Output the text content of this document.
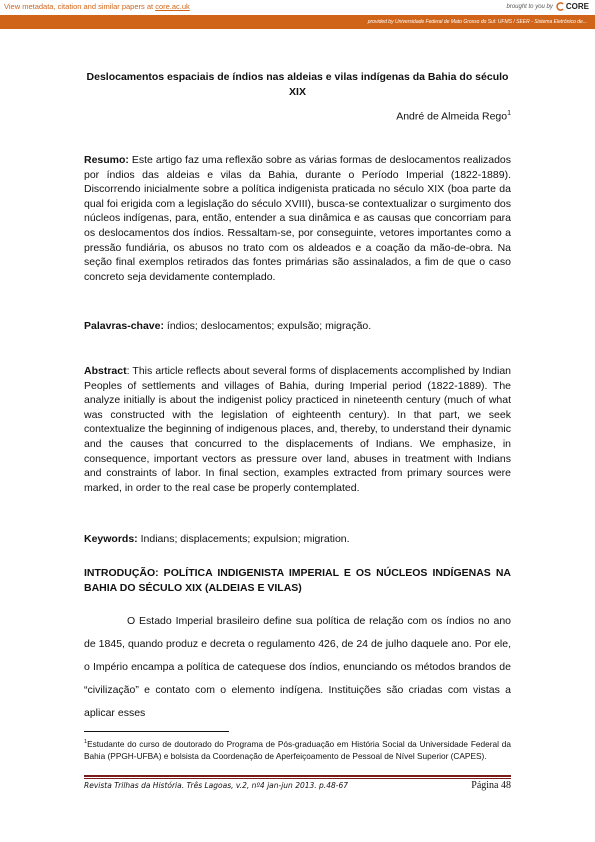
View metadata, citation and similar papers at core.ac.uk	brought to you by CORE
provided by Universidade Federal de Mato Grosso do Sul: UFMS / SEER - Sistema Eletrônico de...
Deslocamentos espaciais de índios nas aldeias e vilas indígenas da Bahia do século XIX
André de Almeida Rego$^1$
Resumo: Este artigo faz uma reflexão sobre as várias formas de deslocamentos realizados por índios das aldeias e vilas da Bahia, durante o Período Imperial (1822-1889). Discorrendo inicialmente sobre a política indigenista praticada no século XIX (boa parte da qual foi erigida com a legislação do século XVIII), busca-se contextualizar o surgimento dos núcleos indígenas, para, então, entender a sua dinâmica e as causas que concorriam para os deslocamentos dos índios. Ressaltam-se, por conseguinte, vetores importantes como a pressão fundiária, os abusos no trato com os aldeados e a coação da mão-de-obra. Na seção final exemplos retirados das fontes primárias são assinalados, a fim de que o caso concreto seja devidamente contemplado.
Palavras-chave: índios; deslocamentos; expulsão; migração.
Abstract: This article reflects about several forms of displacements accomplished by Indian Peoples of settlements and villages of Bahia, during Imperial period (1822-1889). The analyze initially is about the indigenist policy practiced in nineteenth century (much of what was constructed with the legislation of eighteenth century). In that part, we seek contextualize the beginning of indigenous places, and, thereby, to understand their dynamic and the causes that concurred to the displacements of Indians. We emphasize, in consequence, important vectors as pressure over land, abuses in treatment with Indians and constraints of labor. In final section, examples extracted from primary sources were marked, in order to the real case be properly contemplated.
Keywords: Indians; displacements; expulsion; migration.
INTRODUÇÃO: POLÍTICA INDIGENISTA IMPERIAL E OS NÚCLEOS INDÍGENAS NA BAHIA DO SÉCULO XIX (ALDEIAS E VILAS)
O Estado Imperial brasileiro define sua política de relação com os índios no ano de 1845, quando produz e decreta o regulamento 426, de 24 de julho daquele ano. Por ele, o Império encampa a política de catequese dos índios, enunciando os métodos brandos de “civilização” e contato com o elemento indígena. Instituições são criadas com vistas a aplicar esses
$^1$Estudante do curso de doutorado do Programa de Pós-graduação em História Social da Universidade Federal da Bahia (PPGH-UFBA) e bolsista da Coordenação de Aperfeiçoamento de Pessoal de Nível Superior (CAPES).
Revista Trilhas da História. Três Lagoas, v.2, nº4 jan-jun 2013. p.48-67	Página 48
